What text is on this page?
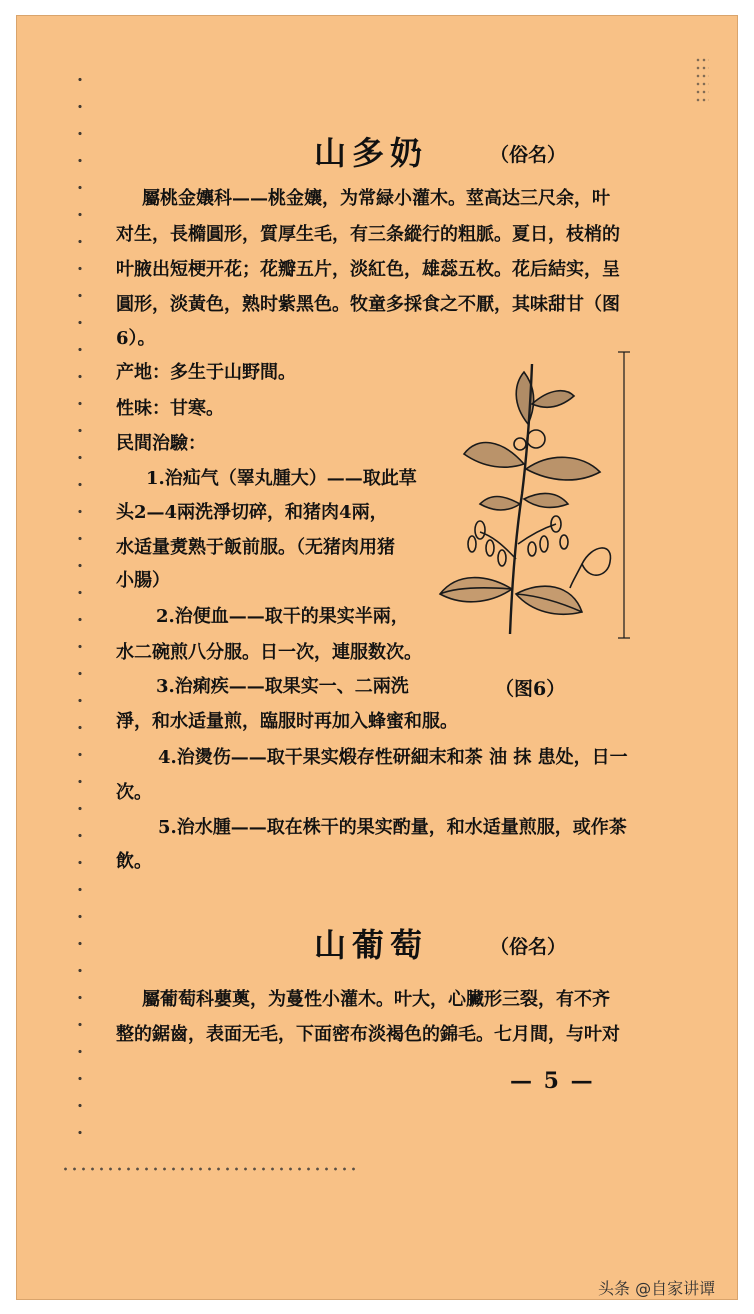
山多奶	（俗名）
屬桃金孃科——桃金孃，为常緑小灌木。莖高达三尺余，叶
对生，長橢圓形，質厚生毛，有三条縱行的粗脈。夏日，枝梢的
叶腋出短梗开花；花瓣五片，淡紅色，雄蕊五枚。花后結实，呈
圓形，淡黃色，熟时紫黑色。牧童多採食之不厭，其味甜甘（图
6）。
产地：多生于山野間。
性味：甘寒。
民間治驗：
1.治疝气（睪丸腫大）——取此草
头2—4兩洗淨切碎，和猪肉4兩，
水适量煑熟于飯前服。（无猪肉用猪
小腸）
2.治便血——取干的果实半兩，
水二碗煎八分服。日一次，連服数次。
3.治痢疾——取果实一、二兩洗
淨，和水适量煎，臨服时再加入蜂蜜和服。
4.治燙伤——取干果实煅存性研細末和茶 油 抹 患处，日一
次。
5.治水腫——取在株干的果实酌量，和水适量煎服，或作茶
飲。
（图6）
山葡萄	（俗名）
屬葡萄科蘡薁，为蔓性小灌木。叶大，心臟形三裂，有不齐
整的鋸齒，表面无毛，下面密布淡褐色的錦毛。七月間，与叶对
— 5 —
头条 @自家讲谭
